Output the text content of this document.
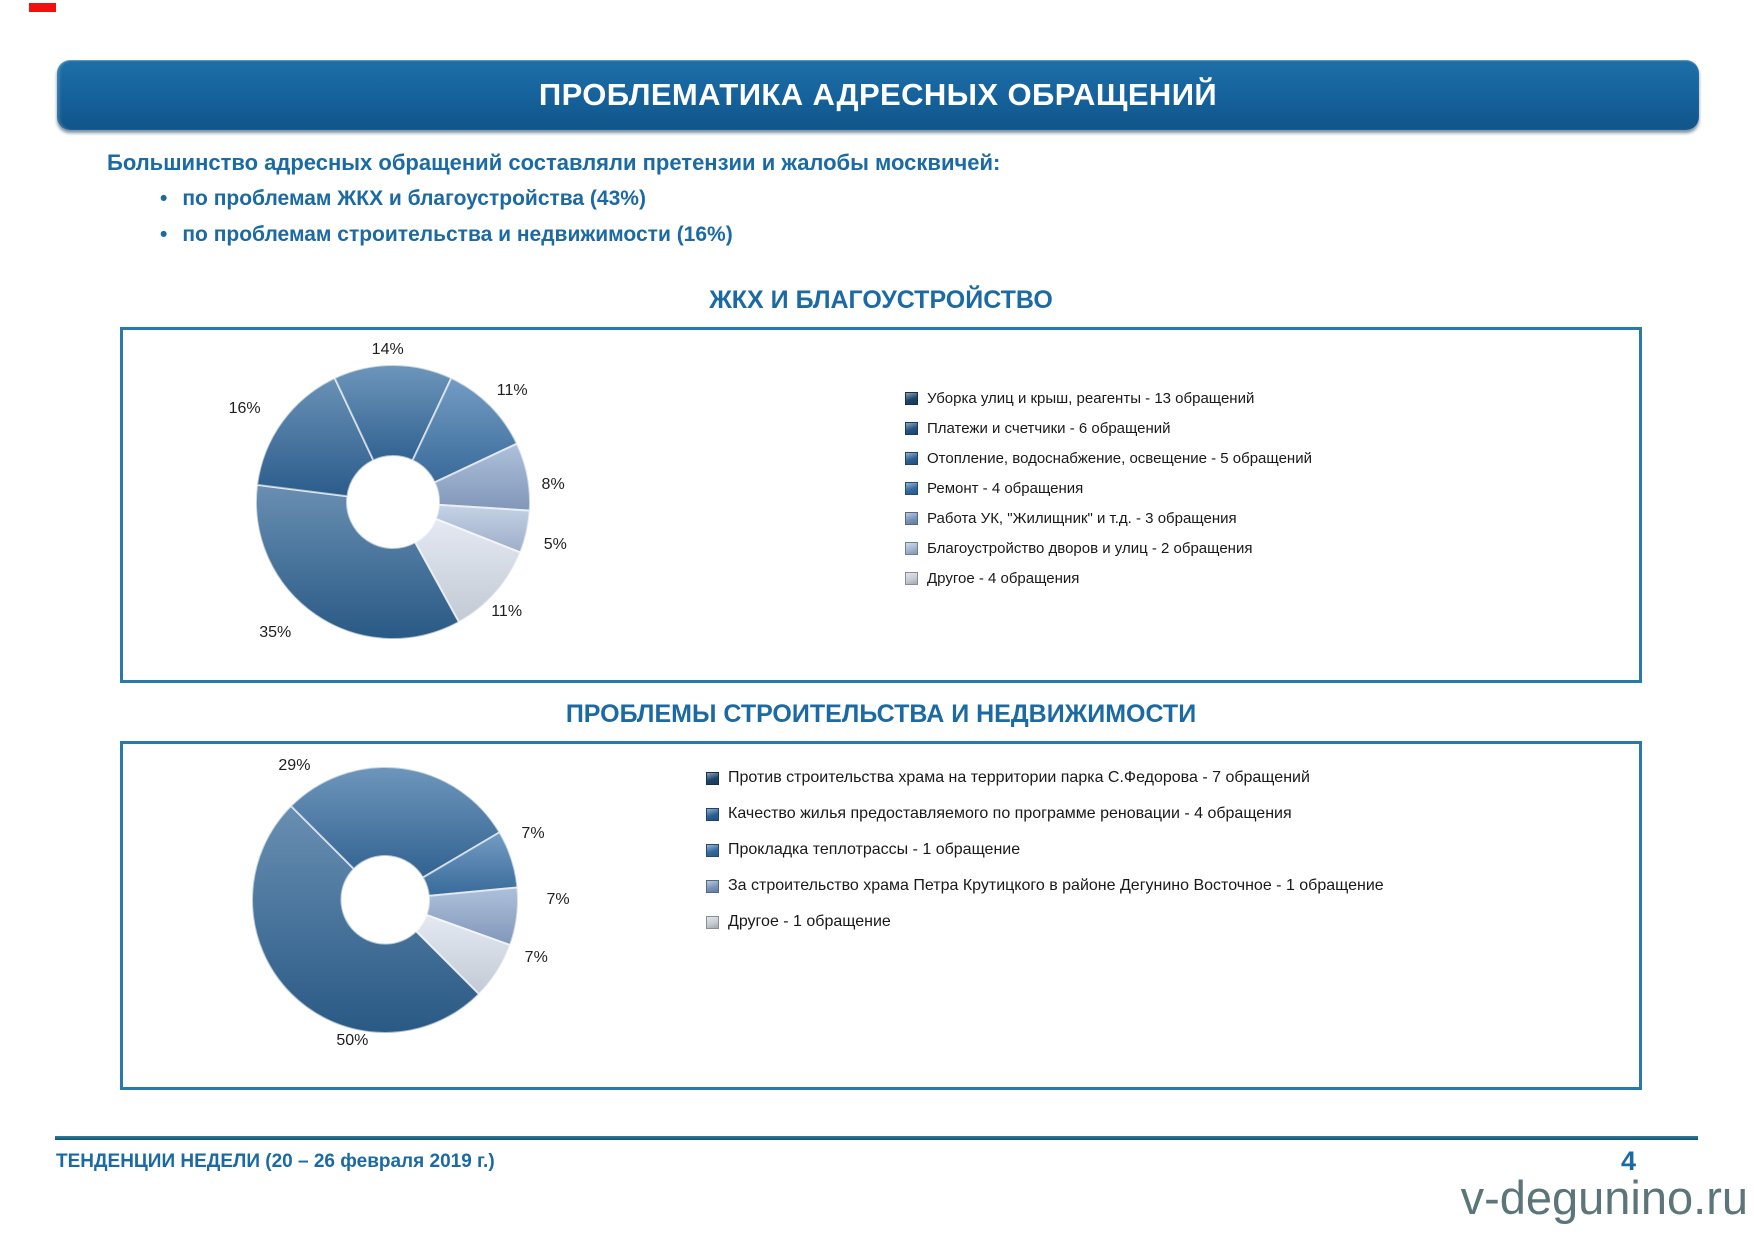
ПРОБЛЕМАТИКА АДРЕСНЫХ ОБРАЩЕНИЙ
Большинство адресных обращений составляли претензии и жалобы москвичей:
• по проблемам ЖКХ и благоустройства (43%)
• по проблемам строительства и недвижимости (16%)
ЖКХ И БЛАГОУСТРОЙСТВО
ПРОБЛЕМЫ СТРОИТЕЛЬСТВА И НЕДВИЖИМОСТИ
ТЕНДЕНЦИИ НЕДЕЛИ (20 – 26 февраля 2019 г.)	4
v-degunino.ru
35%
16%
14%
11%
8%
5%
11%
Уборка улиц и крыш, реагенты - 13 обращений
Платежи и счетчики - 6 обращений
Отопление, водоснабжение, освещение - 5 обращений
Ремонт - 4 обращения
Работа УК, "Жилищник" и т.д. - 3 обращения
Благоустройство дворов и улиц - 2 обращения
Другое - 4 обращения
50%
29%
7%
7%
7%
Против строительства храма на территории парка С.Федорова - 7 обращений
Качество жилья предоставляемого по программе реновации - 4 обращения
Прокладка теплотрассы - 1 обращение
За строительство храма Петра Крутицкого в районе Дегунино Восточное - 1 обращение
Другое - 1 обращение
